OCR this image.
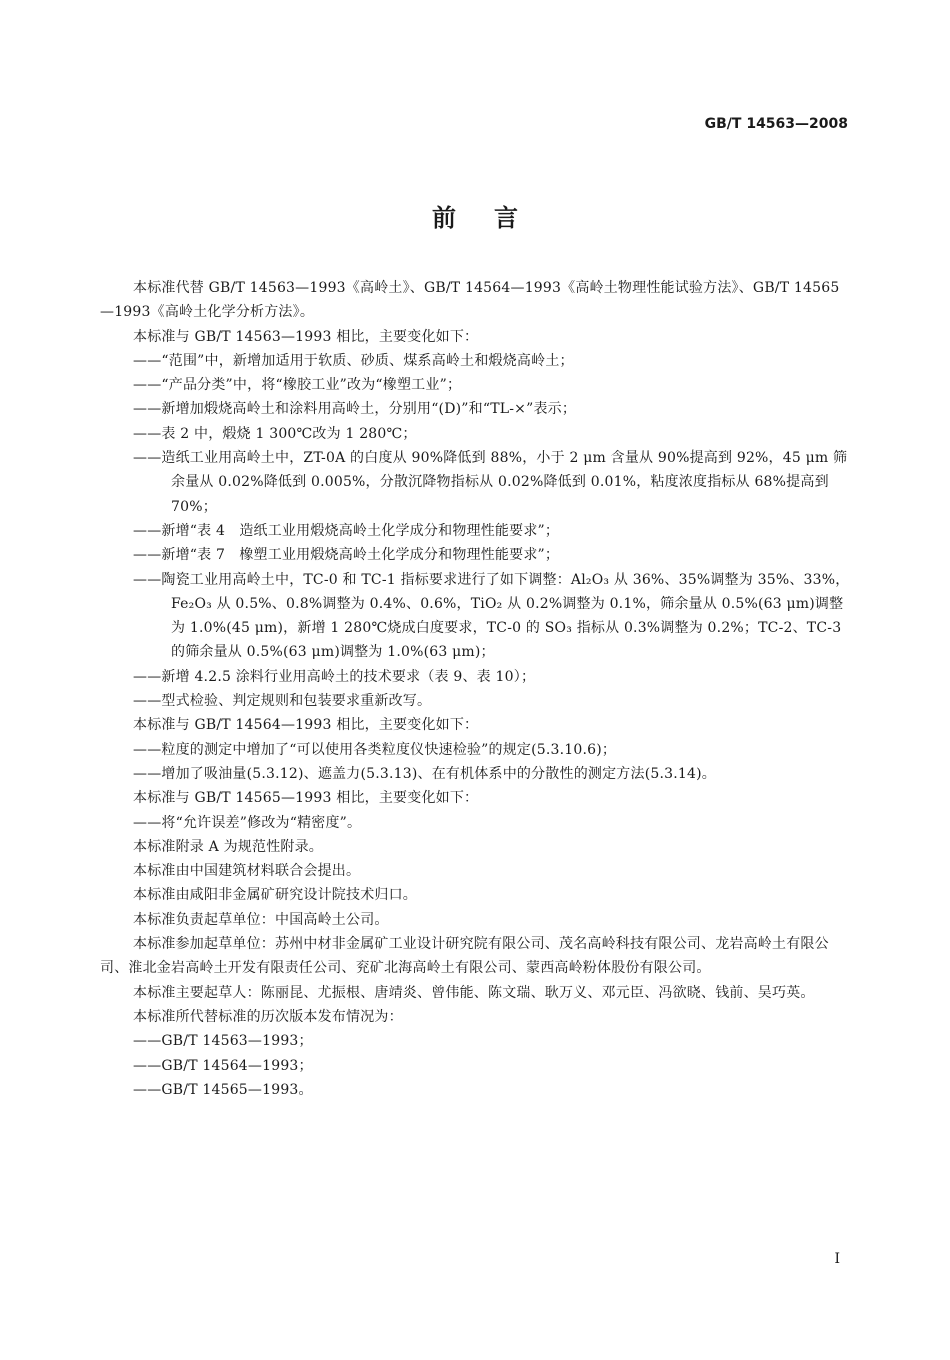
GB/T 14563—2008
前言

本标准代替 GB/T 14563—1993《高岭土》、GB/T 14564—1993《高岭土物理性能试验方法》、GB/T 14565—1993《高岭土化学分析方法》。

本标准与 GB/T 14563—1993 相比，主要变化如下：

——“范围”中，新增加适用于软质、砂质、煤系高岭土和煅烧高岭土；

——“产品分类”中，将“橡胶工业”改为“橡塑工业”；

——新增加煅烧高岭土和涂料用高岭土，分别用“(D)”和“TL-×”表示；

——表 2 中，煅烧 1 300℃改为 1 280℃；

——造纸工业用高岭土中，ZT-0A 的白度从 90%降低到 88%，小于 2 μm 含量从 90%提高到 92%，45 μm 筛余量从 0.02%降低到 0.005%，分散沉降物指标从 0.02%降低到 0.01%，粘度浓度指标从 68%提高到 70%；

——新增“表 4　造纸工业用煅烧高岭土化学成分和物理性能要求”；

——新增“表 7　橡塑工业用煅烧高岭土化学成分和物理性能要求”；

——陶瓷工业用高岭土中，TC-0 和 TC-1 指标要求进行了如下调整：Al₂O₃ 从 36%、35%调整为 35%、33%，Fe₂O₃ 从 0.5%、0.8%调整为 0.4%、0.6%，TiO₂ 从 0.2%调整为 0.1%，筛余量从 0.5%(63 μm)调整为 1.0%(45 μm)，新增 1 280℃烧成白度要求，TC-0 的 SO₃ 指标从 0.3%调整为 0.2%；TC-2、TC-3 的筛余量从 0.5%(63 μm)调整为 1.0%(63 μm)；

——新增 4.2.5 涂料行业用高岭土的技术要求（表 9、表 10）；

——型式检验、判定规则和包装要求重新改写。

本标准与 GB/T 14564—1993 相比，主要变化如下：

——粒度的测定中增加了“可以使用各类粒度仪快速检验”的规定(5.3.10.6)；

——增加了吸油量(5.3.12)、遮盖力(5.3.13)、在有机体系中的分散性的测定方法(5.3.14)。

本标准与 GB/T 14565—1993 相比，主要变化如下：

——将“允许误差”修改为“精密度”。

本标准附录 A 为规范性附录。

本标准由中国建筑材料联合会提出。

本标准由咸阳非金属矿研究设计院技术归口。

本标准负责起草单位：中国高岭土公司。

本标准参加起草单位：苏州中材非金属矿工业设计研究院有限公司、茂名高岭科技有限公司、龙岩高岭土有限公司、淮北金岩高岭土开发有限责任公司、兖矿北海高岭土有限公司、蒙西高岭粉体股份有限公司。

本标准主要起草人：陈丽昆、尤振根、唐靖炎、曾伟能、陈文瑞、耿万义、邓元臣、冯欲晓、钱前、吴巧英。

本标准所代替标准的历次版本发布情况为：

——GB/T 14563—1993；

——GB/T 14564—1993；

——GB/T 14565—1993。

I
